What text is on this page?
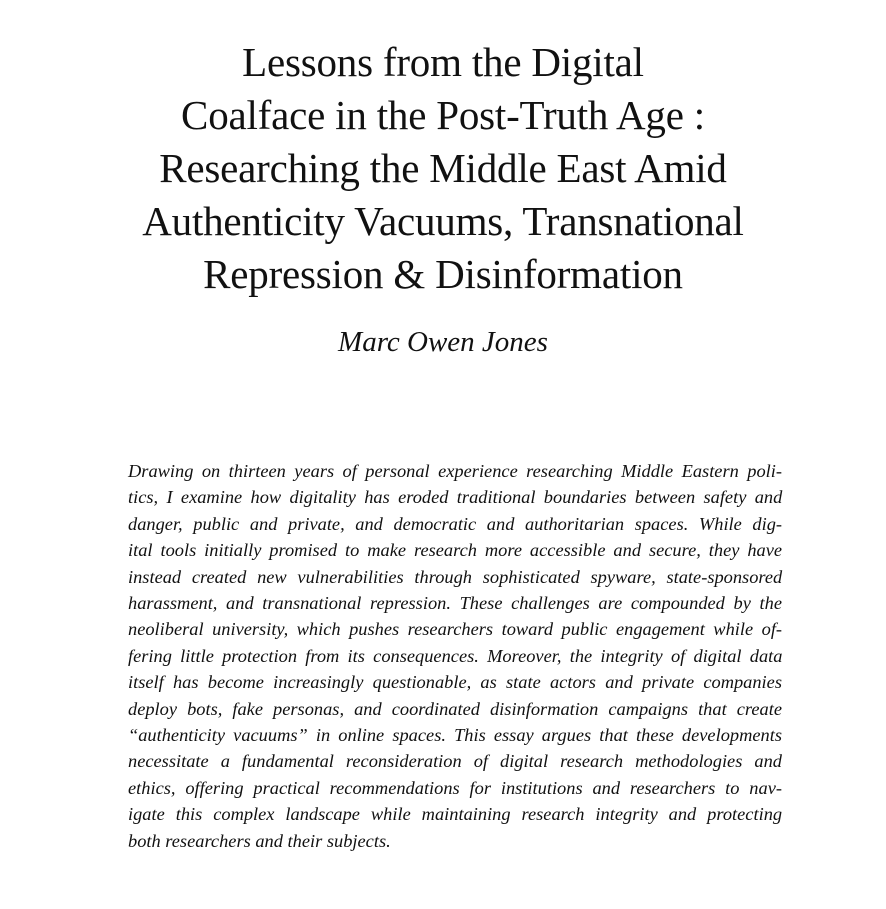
Lessons from the Digital
Coalface in the Post-Truth Age :
Researching the Middle East Amid
Authenticity Vacuums, Transnational
Repression & Disinformation
Marc Owen Jones
Drawing on thirteen years of personal experience researching Middle Eastern poli-
tics, I examine how digitality has eroded traditional boundaries between safety and
danger, public and private, and democratic and authoritarian spaces. While dig-
ital tools initially promised to make research more accessible and secure, they have
instead created new vulnerabilities through sophisticated spyware, state-sponsored
harassment, and transnational repression. These challenges are compounded by the
neoliberal university, which pushes researchers toward public engagement while of-
fering little protection from its consequences. Moreover, the integrity of digital data
itself has become increasingly questionable, as state actors and private companies
deploy bots, fake personas, and coordinated disinformation campaigns that create
“authenticity vacuums” in online spaces. This essay argues that these developments
necessitate a fundamental reconsideration of digital research methodologies and
ethics, offering practical recommendations for institutions and researchers to nav-
igate this complex landscape while maintaining research integrity and protecting
both researchers and their subjects.
